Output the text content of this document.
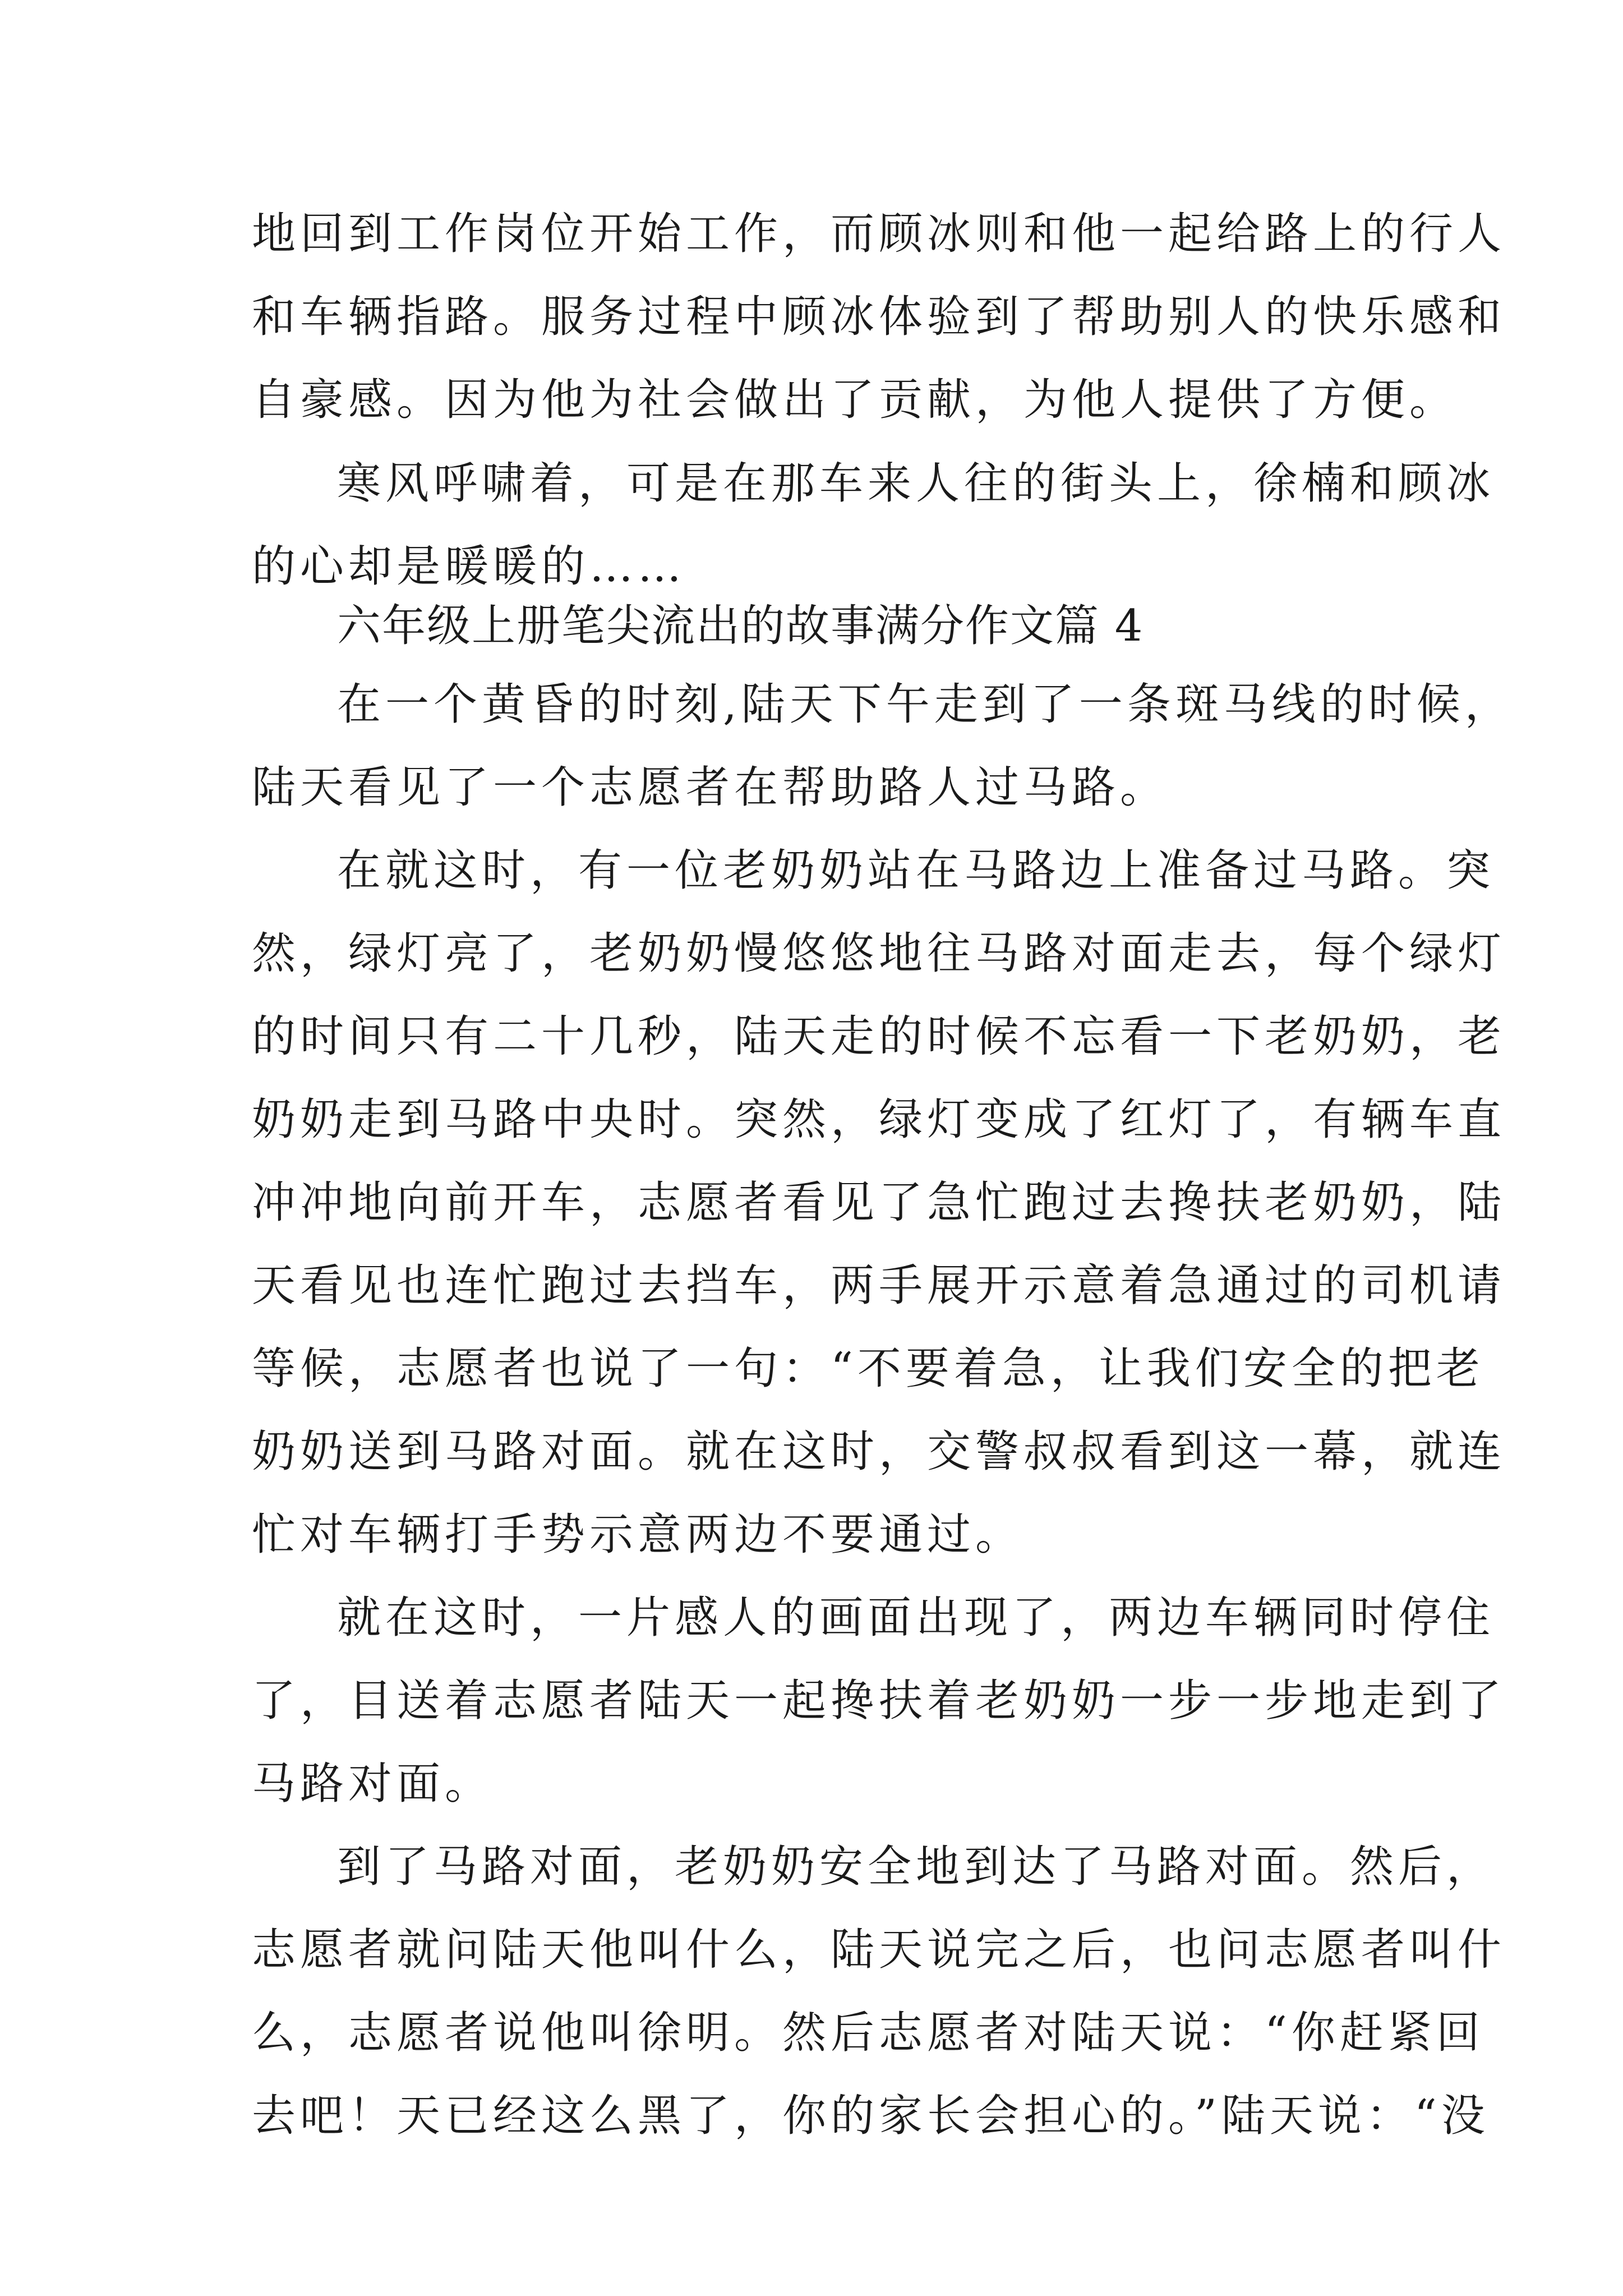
地回到工作岗位开始工作，而顾冰则和他一起给路上的行人
和车辆指路。服务过程中顾冰体验到了帮助别人的快乐感和
自豪感。因为他为社会做出了贡献，为他人提供了方便。
寒风呼啸着，可是在那车来人往的街头上，徐楠和顾冰
的心却是暖暖的……
六年级上册笔尖流出的故事满分作文篇 4
在一个黄昏的时刻,陆天下午走到了一条斑马线的时候，
陆天看见了一个志愿者在帮助路人过马路。
在就这时，有一位老奶奶站在马路边上准备过马路。突
然，绿灯亮了，老奶奶慢悠悠地往马路对面走去，每个绿灯
的时间只有二十几秒，陆天走的时候不忘看一下老奶奶，老
奶奶走到马路中央时。突然，绿灯变成了红灯了，有辆车直
冲冲地向前开车，志愿者看见了急忙跑过去搀扶老奶奶，陆
天看见也连忙跑过去挡车，两手展开示意着急通过的司机请
等候，志愿者也说了一句：“不要着急，让我们安全的把老
奶奶送到马路对面。就在这时，交警叔叔看到这一幕，就连
忙对车辆打手势示意两边不要通过。
就在这时，一片感人的画面出现了，两边车辆同时停住
了，目送着志愿者陆天一起搀扶着老奶奶一步一步地走到了
马路对面。
到了马路对面，老奶奶安全地到达了马路对面。然后，
志愿者就问陆天他叫什么，陆天说完之后，也问志愿者叫什
么，志愿者说他叫徐明。然后志愿者对陆天说：“你赶紧回
去吧！天已经这么黑了，你的家长会担心的。”陆天说：“没
